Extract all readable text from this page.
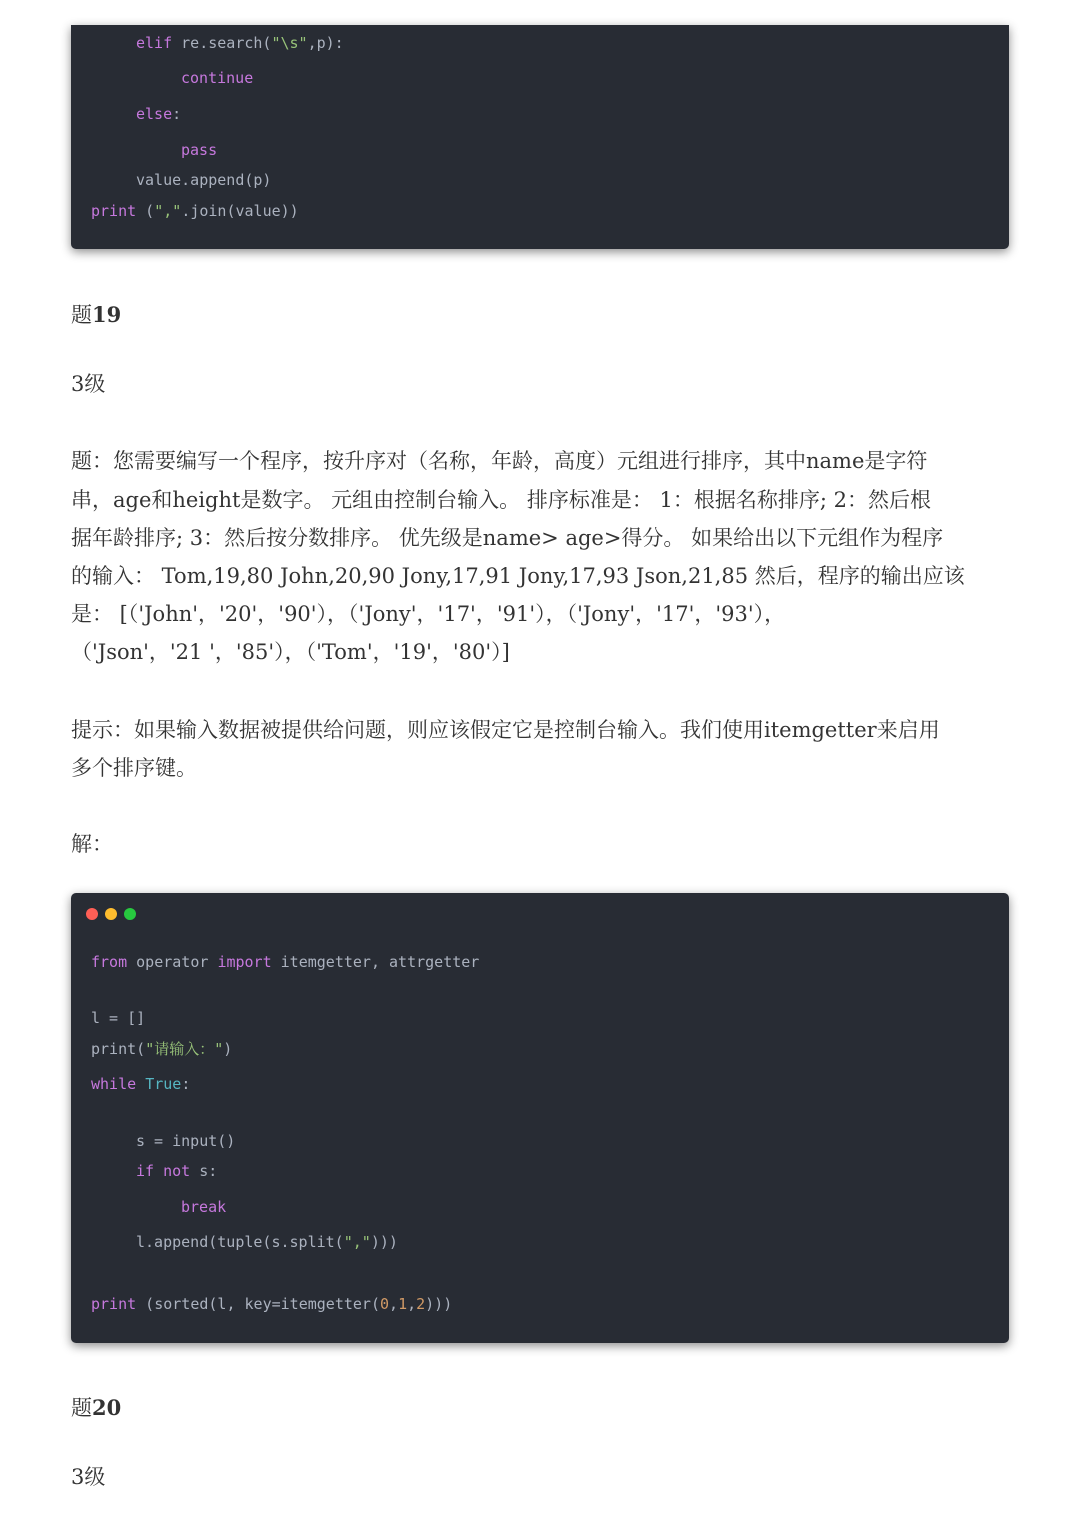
elif re.search("\s",p):
continue
else:
pass
value.append(p)
print (",".join(value))
题19
3级
题：您需要编写一个程序，按升序对（名称，年龄，高度）元组进行排序，其中name是字符
串，age和height是数字。 元组由控制台输入。 排序标准是： 1：根据名称排序; 2：然后根
据年龄排序; 3：然后按分数排序。 优先级是name> age>得分。 如果给出以下元组作为程序
的输入： Tom,19,80 John,20,90 Jony,17,91 Jony,17,93 Json,21,85 然后，程序的输出应该
是： [（'John'，'20'，'90'），（'Jony'，'17'，'91'），（'Jony'，'17'，'93'），
（'Json'，'21 '，'85'），（'Tom'，'19'，'80'）]
提示：如果输入数据被提供给问题，则应该假定它是控制台输入。我们使用itemgetter来启用
多个排序键。
解：
from operator import itemgetter, attrgetter
l = []
print("请输入：")
while True:
s = input()
if not s:
break
l.append(tuple(s.split(",")))
print (sorted(l, key=itemgetter(0,1,2)))
题20
3级
